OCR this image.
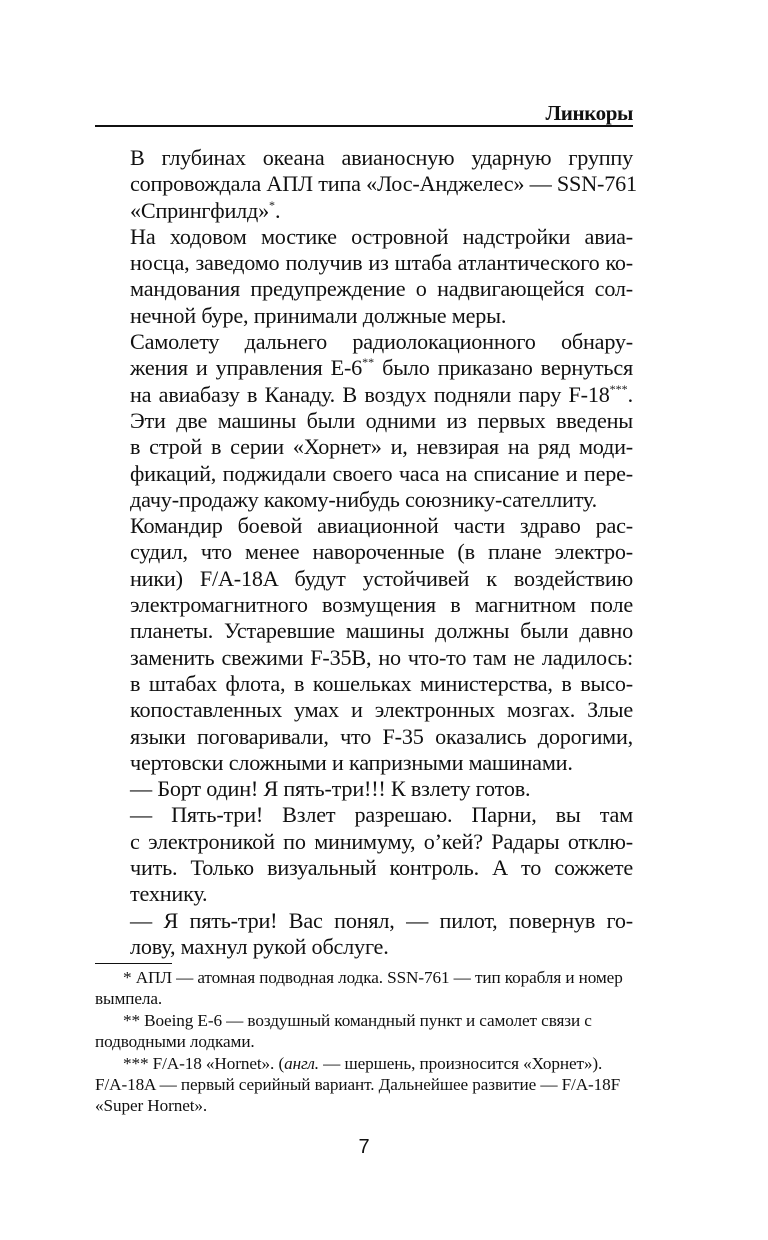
Линкоры

В глубинах океана авианосную ударную группу
сопровождала АПЛ типа «Лос-Анджелес» — SSN-761
«Спрингфилд»*.

На ходовом мостике островной надстройки авиа-
носца, заведомо получив из штаба атлантического ко-
мандования предупреждение о надвигающейся сол-
нечной буре, принимали должные меры.

Самолету дальнего радиолокационного обнару-
жения и управления Е-6** было приказано вернуться
на авиабазу в Канаду. В воздух подняли пару F-18***.
Эти две машины были одними из первых введены
в строй в серии «Хорнет» и, невзирая на ряд моди-
фикаций, поджидали своего часа на списание и пере-
дачу-продажу какому-нибудь союзнику-сателлиту.

Командир боевой авиационной части здраво рас-
судил, что менее навороченные (в плане электро-
ники) F/A-18A будут устойчивей к воздействию
электромагнитного возмущения в магнитном поле
планеты. Устаревшие машины должны были давно
заменить свежими F-35B, но что-то там не ладилось:
в штабах флота, в кошельках министерства, в высо-
копоставленных умах и электронных мозгах. Злые
языки поговаривали, что F-35 оказались дорогими,
чертовски сложными и капризными машинами.

— Борт один! Я пять-три!!! К взлету готов.

— Пять-три! Взлет разрешаю. Парни, вы там
с электроникой по минимуму, о’кей? Радары отклю-
чить. Только визуальный контроль. А то сожжете
технику.

— Я пять-три! Вас понял, — пилот, повернув го-
лову, махнул рукой обслуге.

* АПЛ — атомная подводная лодка. SSN-761 — тип корабля и номер вымпела.

** Boeing E-6 — воздушный командный пункт и самолет связи с подводными лодками.

*** F/A-18 «Hornet». (англ. — шершень, произносится «Хорнет»). F/A-18A — первый серийный вариант. Дальнейшее развитие — F/A-18F «Super Hornet».

7
